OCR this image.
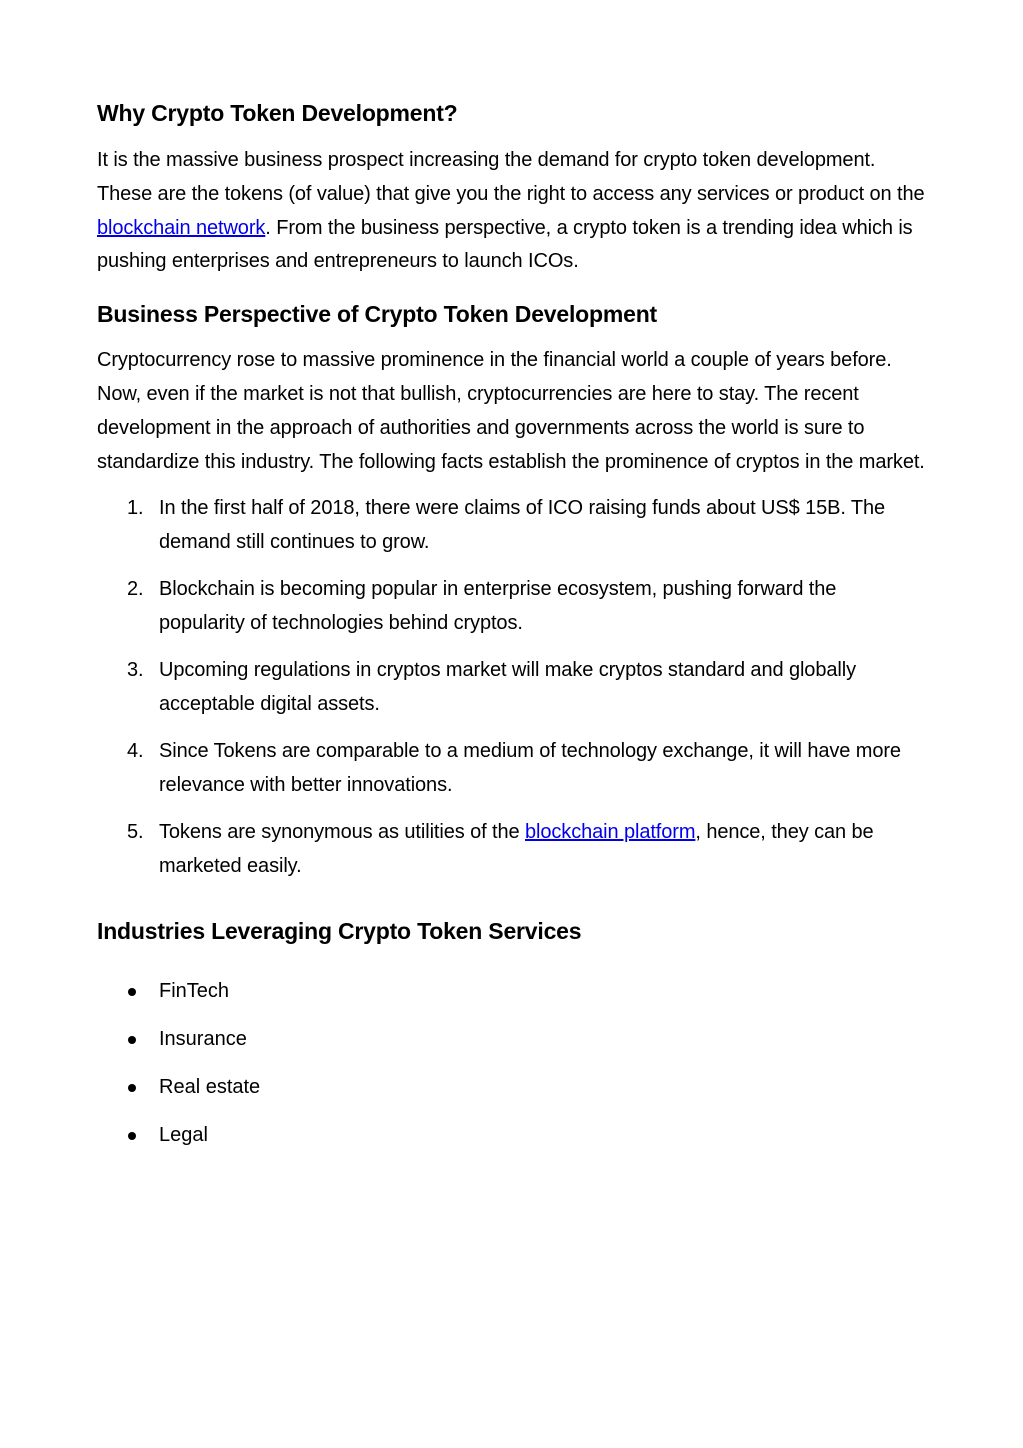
Why Crypto Token Development?

It is the massive business prospect increasing the demand for crypto token development. These are the tokens (of value) that give you the right to access any services or product on the blockchain network. From the business perspective, a crypto token is a trending idea which is pushing enterprises and entrepreneurs to launch ICOs.

Business Perspective of Crypto Token Development

Cryptocurrency rose to massive prominence in the financial world a couple of years before. Now, even if the market is not that bullish, cryptocurrencies are here to stay. The recent development in the approach of authorities and governments across the world is sure to standardize this industry. The following facts establish the prominence of cryptos in the market.

1. In the first half of 2018, there were claims of ICO raising funds about US$ 15B. The demand still continues to grow.
2. Blockchain is becoming popular in enterprise ecosystem, pushing forward the popularity of technologies behind cryptos.
3. Upcoming regulations in cryptos market will make cryptos standard and globally acceptable digital assets.
4. Since Tokens are comparable to a medium of technology exchange, it will have more relevance with better innovations.
5. Tokens are synonymous as utilities of the blockchain platform, hence, they can be marketed easily.
Industries Leveraging Crypto Token Services
FinTech
Insurance
Real estate
Legal
